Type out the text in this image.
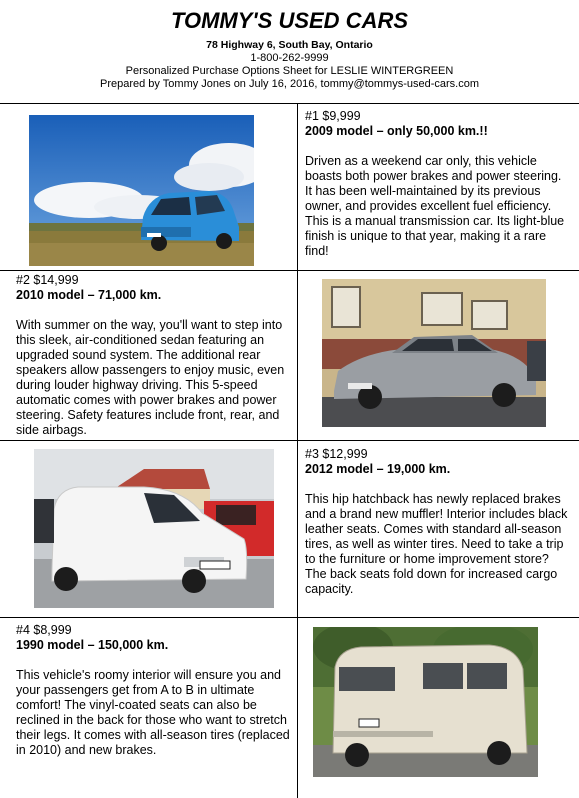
TOMMY'S USED CARS
78 Highway 6, South Bay, Ontario
1-800-262-9999
Personalized Purchase Options Sheet for LESLIE WINTERGREEN
Prepared by Tommy Jones on July 16, 2016, tommy@tommys-used-cars.com

#1 $9,999

2009 model – only 50,000 km.!!

Driven as a weekend car only, this vehicle boasts both power brakes and power steering. It has been well-maintained by its previous owner, and provides excellent fuel efficiency. This is a manual transmission car. Its light-blue finish is unique to that year, making it a rare find!

#2 $14,999

2010 model – 71,000 km.

With summer on the way, you'll want to step into this sleek, air-conditioned sedan featuring an upgraded sound system. The additional rear speakers allow passengers to enjoy music, even during louder highway driving. This 5-speed automatic comes with power brakes and power steering. Safety features include front, rear, and side airbags.

#3 $12,999

2012 model – 19,000 km.

This hip hatchback has newly replaced brakes and a brand new muffler! Interior includes black leather seats. Comes with standard all-season tires, as well as winter tires. Need to take a trip to the furniture or home improvement store? The back seats fold down for increased cargo capacity.

#4 $8,999

1990 model – 150,000 km.

This vehicle's roomy interior will ensure you and your passengers get from A to B in ultimate comfort! The vinyl-coated seats can also be reclined in the back for those who want to stretch their legs. It comes with all-season tires (replaced in 2010) and new brakes.
